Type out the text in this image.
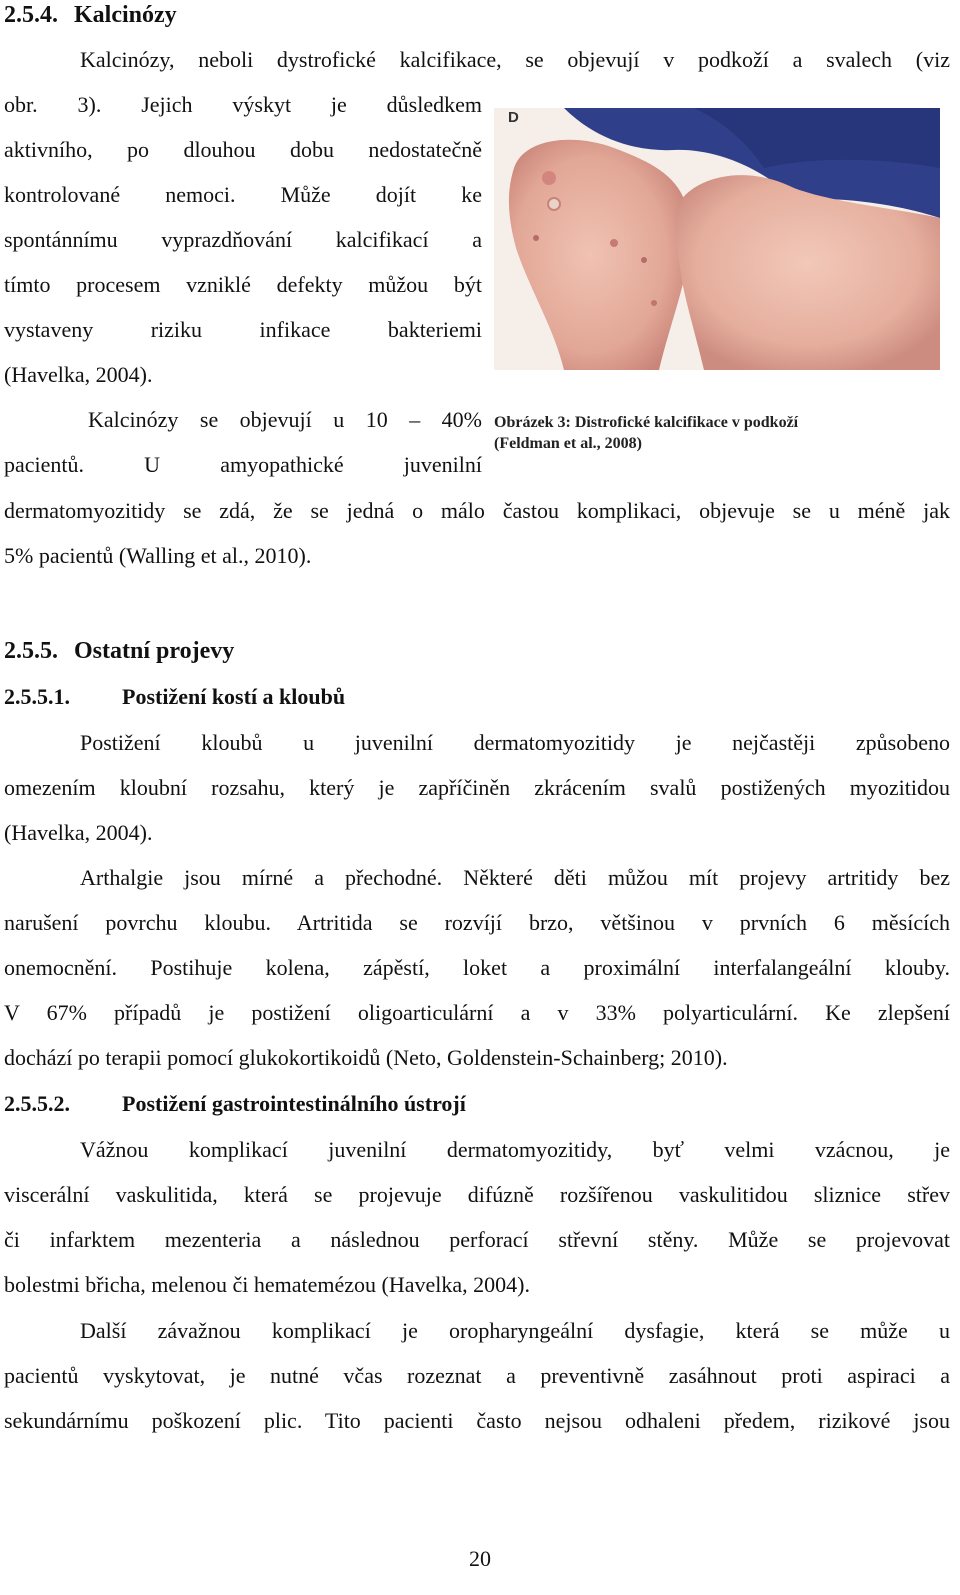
2.5.4. Kalcinózy
Kalcinózy, neboli dystrofické kalcifikace, se objevují v podkoží a svalech (viz
obr. 3). Jejich výskyt je důsledkem
aktivního, po dlouhou dobu nedostatečně
kontrolované nemoci. Může dojít ke
spontánnímu vyprazdňování kalcifikací a
tímto procesem vzniklé defekty můžou být
vystaveny riziku infikace bakteriemi
(Havelka, 2004).
Kalcinózy se objevují u 10 – 40%
pacientů. U amyopathické juvenilní
dermatomyozitidy se zdá, že se jedná o málo častou komplikaci, objevuje se u méně jak
5% pacientů (Walling et al., 2010).
D
Obrázek 3: Distrofické kalcifikace v podkoží
(Feldman et al., 2008)
2.5.5. Ostatní projevy
2.5.5.1. Postižení kostí a kloubů
Postižení kloubů u juvenilní dermatomyozitidy je nejčastěji způsobeno
omezením kloubní rozsahu, který je zapříčiněn zkrácením svalů postižených myozitidou
(Havelka, 2004).
Arthalgie jsou mírné a přechodné. Některé děti můžou mít projevy artritidy bez
narušení povrchu kloubu. Artritida se rozvíjí brzo, většinou v prvních 6 měsících
onemocnění. Postihuje kolena, zápěstí, loket a proximální interfalangeální klouby.
V 67% případů je postižení oligoarticulární a v 33% polyarticulární. Ke zlepšení
dochází po terapii pomocí glukokortikoidů (Neto, Goldenstein-Schainberg; 2010).
2.5.5.2. Postižení gastrointestinálního ústrojí
Vážnou komplikací juvenilní dermatomyozitidy, byť velmi vzácnou, je
viscerální vaskulitida, která se projevuje difúzně rozšířenou vaskulitidou sliznice střev
či infarktem mezenteria a následnou perforací střevní stěny. Může se projevovat
bolestmi břicha, melenou či hematemézou (Havelka, 2004).
Další závažnou komplikací je oropharyngeální dysfagie, která se může u
pacientů vyskytovat, je nutné včas rozeznat a preventivně zasáhnout proti aspiraci a
sekundárnímu poškození plic. Tito pacienti často nejsou odhaleni předem, rizikové jsou
20
